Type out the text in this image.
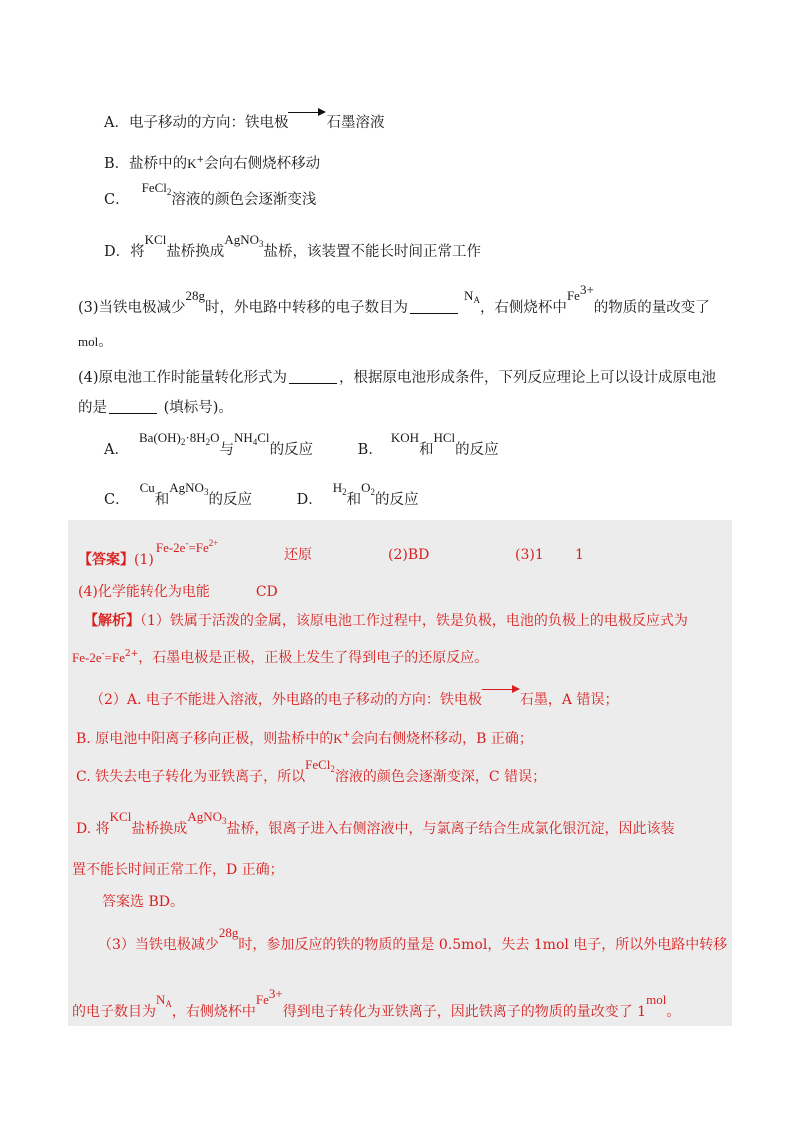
A．电子移动的方向：铁电极	石墨溶液
B．盐桥中的K+会向右侧烧杯移动
C．FeCl$_2$溶液的颜色会逐渐变浅
D．将KCl盐桥换成AgNO$_3$盐桥，该装置不能长时间正常工作
(3)当铁电极减少28g时，外电路中转移的电子数目为$N_A$，右侧烧杯中Fe3+的物质的量改变了
mol。
(4)原电池工作时能量转化形式为	，根据原电池形成条件，下列反应理论上可以设计成原电池
的是	(填标号)。
A．$Ba(OH)_2\cdot 8H_2O$与$NH_4Cl$的反应	B．KOH和HCl的反应
C．Cu和AgNO$_3$的反应	D．$H_2$和$O_2$的反应
【答案】$(1)Fe-2e^-=Fe^{2+}$
还原	(2)BD	(3)1 1
(4)化学能转化为电能	CD
【解析】（1）铁属于活泼的金属，该原电池工作过程中，铁是负极，电池的负极上的电极反应式为
$Fe-2e^-=Fe^{2+}$，石墨电极是正极，正极上发生了得到电子的还原反应。
（2）A. 电子不能进入溶液，外电路的电子移动的方向：铁电极	石墨，A 错误；
B. 原电池中阳离子移向正极，则盐桥中的K+会向右侧烧杯移动，B 正确；
C. 铁失去电子转化为亚铁离子，所以FeCl$_2$溶液的颜色会逐渐变深，C 错误；
D. 将KCl盐桥换成AgNO$_3$盐桥，银离子进入右侧溶液中，与氯离子结合生成氯化银沉淀，因此该装
置不能长时间正常工作，D 正确；
答案选 BD。
（3）当铁电极减少28g时，参加反应的铁的物质的量是 0.5mol，失去 1mol 电子，所以外电路中转移
的电子数目为$N_A$，右侧烧杯中Fe3+得到电子转化为亚铁离子，因此铁离子的物质的量改变了 1mol。
